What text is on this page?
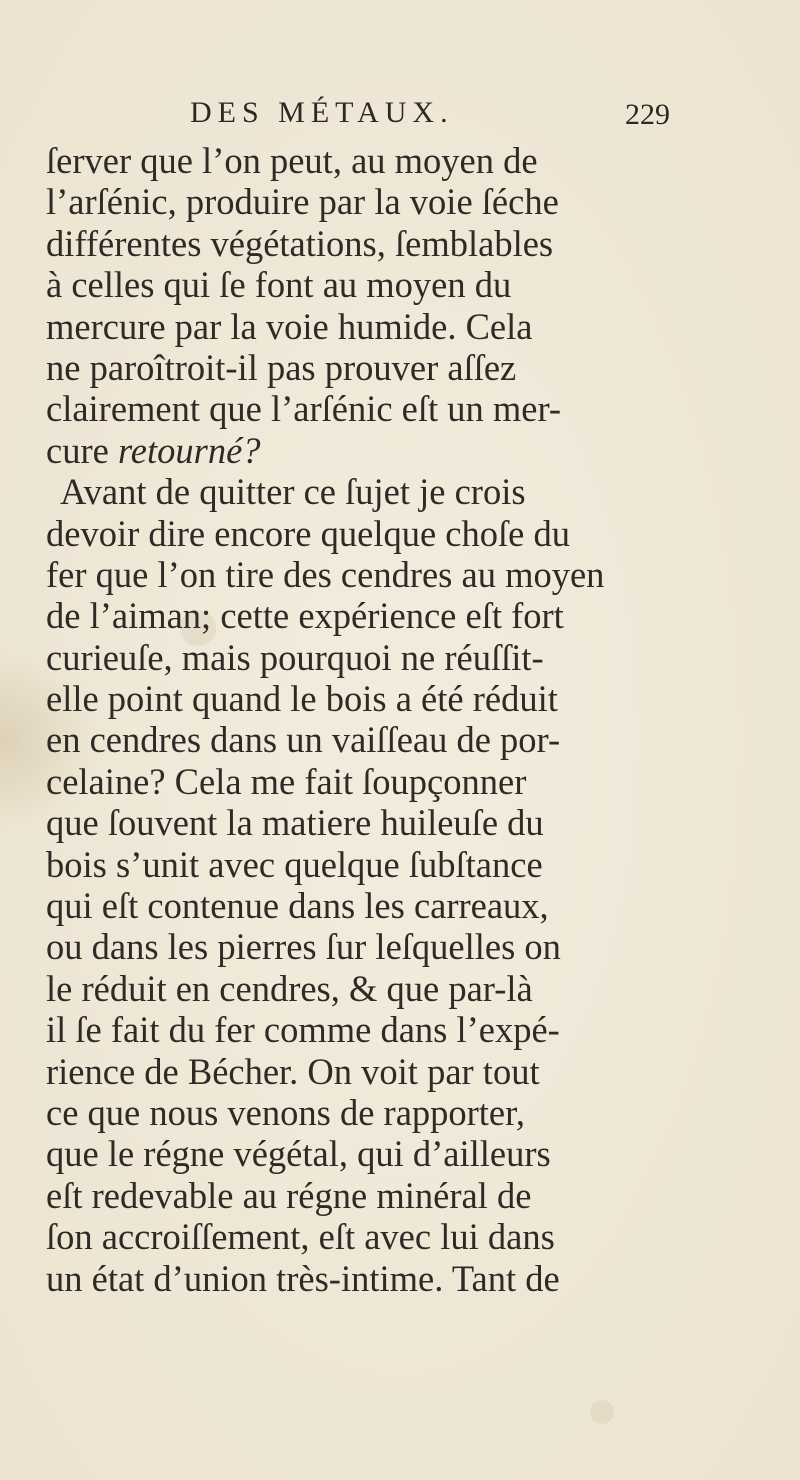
DES MÉTAUX.	229
ſerver que l’on peut, au moyen de
l’arſénic, produire par la voie ſéche
différentes végétations, ſemblables
à celles qui ſe font au moyen du
mercure par la voie humide. Cela
ne paroîtroit-il pas prouver aſſez
clairement que l’arſénic eſt un mer-
cure retourné?
Avant de quitter ce ſujet je crois
devoir dire encore quelque choſe du
fer que l’on tire des cendres au moyen
de l’aiman; cette expérience eſt fort
curieuſe, mais pourquoi ne réuſſit-
elle point quand le bois a été réduit
en cendres dans un vaiſſeau de por-
celaine? Cela me fait ſoupçonner
que ſouvent la matiere huileuſe du
bois s’unit avec quelque ſubſtance
qui eſt contenue dans les carreaux,
ou dans les pierres ſur leſquelles on
le réduit en cendres, & que par-là
il ſe fait du fer comme dans l’expé-
rience de Bécher. On voit par tout
ce que nous venons de rapporter,
que le régne végétal, qui d’ailleurs
eſt redevable au régne minéral de
ſon accroiſſement, eſt avec lui dans
un état d’union très-intime. Tant de
